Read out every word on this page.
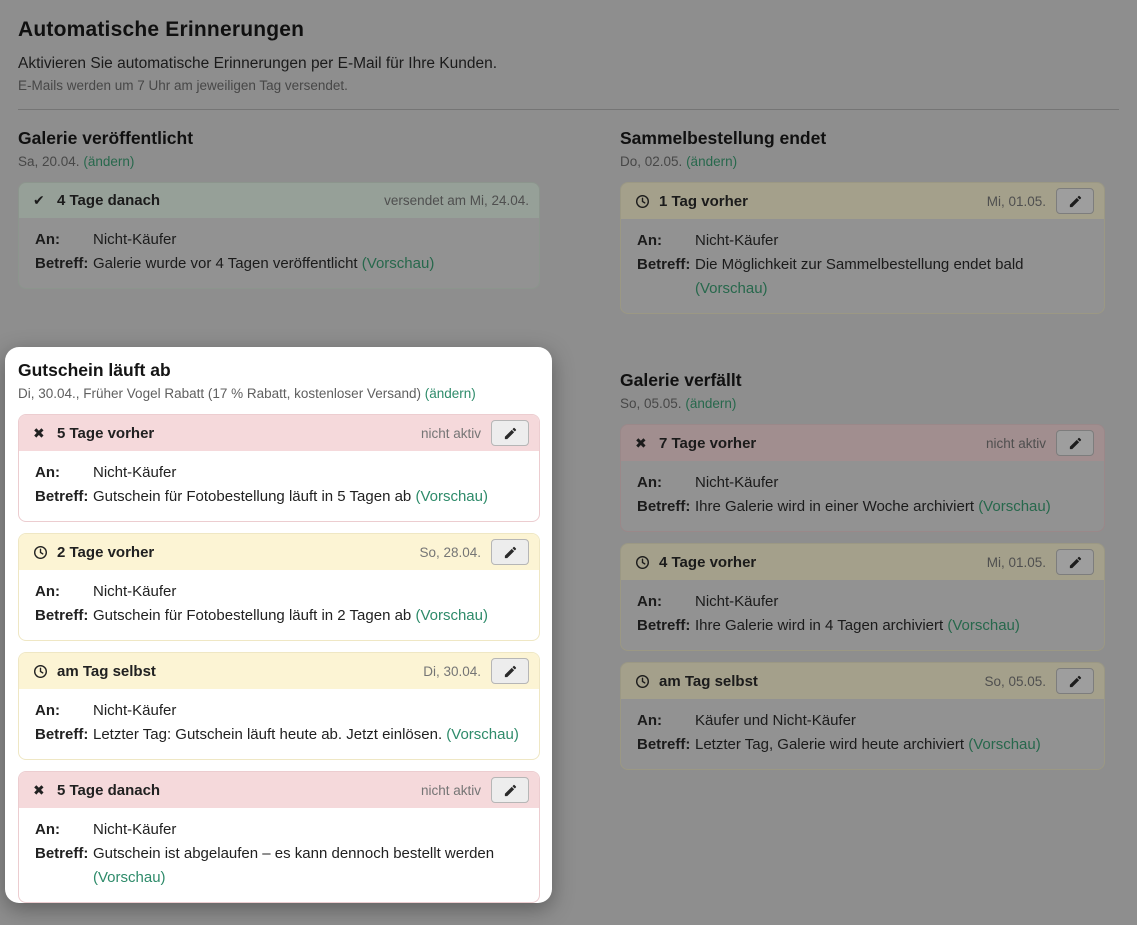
Automatische Erinnerungen

Aktivieren Sie automatische Erinnerungen per E-Mail für Ihre Kunden.

E-Mails werden um 7 Uhr am jeweiligen Tag versendet.

Galerie veröffentlicht
Sa, 20.04. (ändern)
✔ 4 Tage danach	versendet am Mi, 24.04.
An:	Nicht-Käufer
Betreff: Galerie wurde vor 4 Tagen veröffentlicht (Vorschau)
Sammelbestellung endet
Do, 02.05. (ändern)
1 Tag vorher	Mi, 01.05.
An:	Nicht-Käufer
Betreff: Die Möglichkeit zur Sammelbestellung endet bald (Vorschau)
Galerie verfällt
So, 05.05. (ändern)
✖ 7 Tage vorher	nicht aktiv
An:	Nicht-Käufer
Betreff: Ihre Galerie wird in einer Woche archiviert (Vorschau)
4 Tage vorher	Mi, 01.05.
An:	Nicht-Käufer
Betreff: Ihre Galerie wird in 4 Tagen archiviert (Vorschau)
am Tag selbst	So, 05.05.
An:	Käufer und Nicht-Käufer
Betreff: Letzter Tag, Galerie wird heute archiviert (Vorschau)
Gutschein läuft ab
Di, 30.04., Früher Vogel Rabatt (17 % Rabatt, kostenloser Versand) (ändern)
✖ 5 Tage vorher	nicht aktiv
An:	Nicht-Käufer
Betreff: Gutschein für Fotobestellung läuft in 5 Tagen ab (Vorschau)
2 Tage vorher	So, 28.04.
An:	Nicht-Käufer
Betreff: Gutschein für Fotobestellung läuft in 2 Tagen ab (Vorschau)
am Tag selbst	Di, 30.04.
An:	Nicht-Käufer
Betreff: Letzter Tag: Gutschein läuft heute ab. Jetzt einlösen. (Vorschau)
✖ 5 Tage danach	nicht aktiv
An:	Nicht-Käufer
Betreff: Gutschein ist abgelaufen – es kann dennoch bestellt werden (Vorschau)
